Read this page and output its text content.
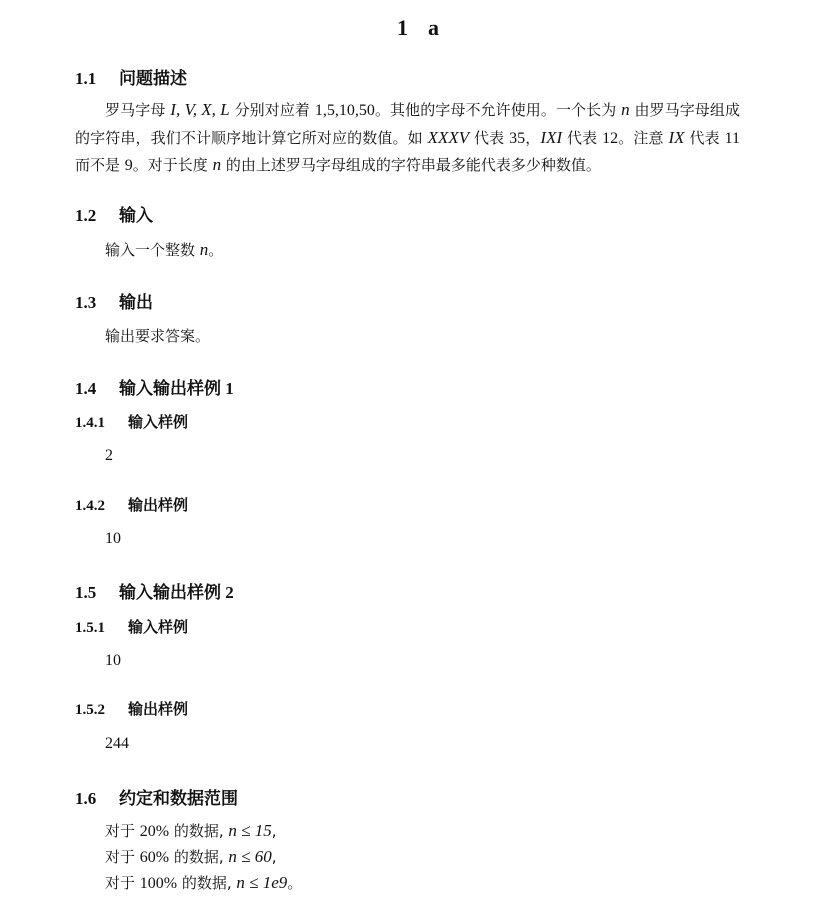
1 a
1.1 问题描述
罗马字母 I, V, X, L 分别对应着 1,5,10,50。其他的字母不允许使用。一个长为 n 由罗马字母组成的字符串，我们不计顺序地计算它所对应的数值。如 XXXV 代表 35，IXI 代表 12。注意 IX 代表 11 而不是 9。对于长度 n 的由上述罗马字母组成的字符串最多能代表多少种数值。
1.2 输入
输入一个整数 n。
1.3 输出
输出要求答案。
1.4 输入输出样例 1
1.4.1 输入样例
2
1.4.2 输出样例
10
1.5 输入输出样例 2
1.5.1 输入样例
10
1.5.2 输出样例
244
1.6 约定和数据范围
对于 20% 的数据, n ≤ 15,
对于 60% 的数据, n ≤ 60,
对于 100% 的数据, n ≤ 1e9。
